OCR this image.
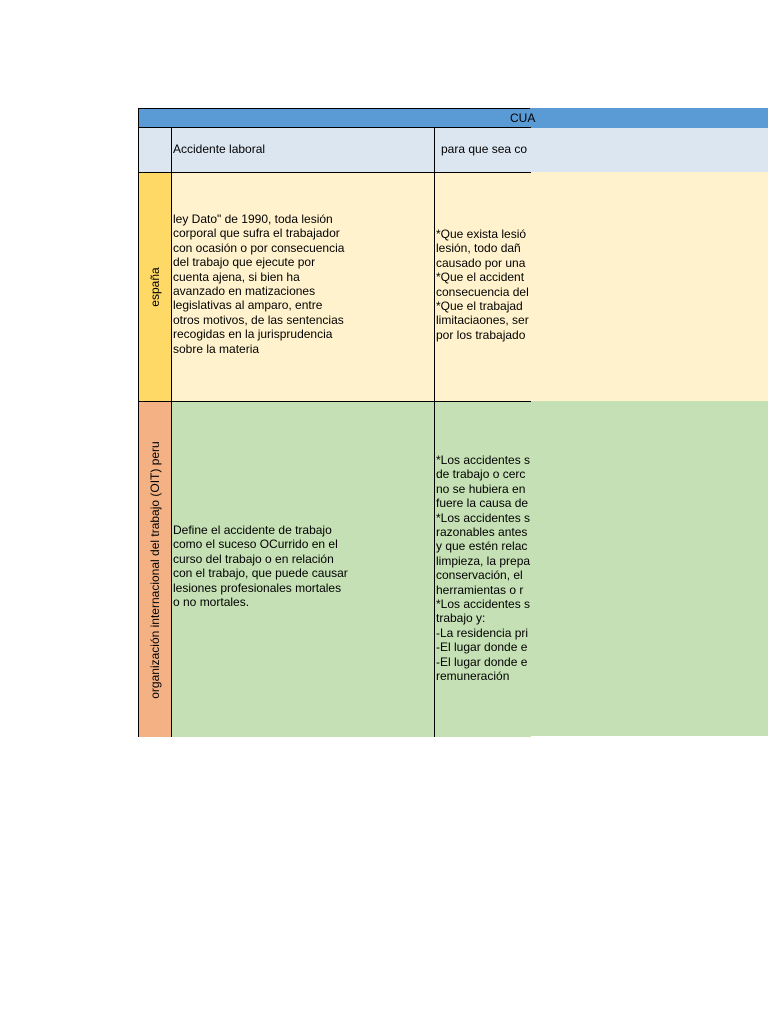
CUA
Accidente laboral	para que sea co
españa
ley Dato" de 1990, toda lesión
corporal que sufra el trabajador
con ocasión o por consecuencia
del trabajo que ejecute por
cuenta ajena, si bien ha
avanzado en matizaciones
legislativas al amparo, entre
otros motivos, de las sentencias
recogidas en la jurisprudencia
sobre la materia
*Que exista lesió
lesión, todo dañ
causado por una
*Que el accident
consecuencia del
*Que el trabajad
limitaciaones, ser
por los trabajado
organización internacional del trabajo (OIT) peru Define el accidente de trabajo
como el suceso OCurrido en el
curso del trabajo o en relación
con el trabajo, que puede causar
lesiones profesionales mortales
o no mortales.
*Los accidentes s
de trabajo o cerc
no se hubiera en
fuere la causa de
*Los accidentes s
razonables antes
y que estén relac
limpieza, la prepa
conservación, el
herramientas o r
*Los accidentes s
trabajo y:
-La residencia pri
-El lugar donde e
-El lugar donde e
remuneración
